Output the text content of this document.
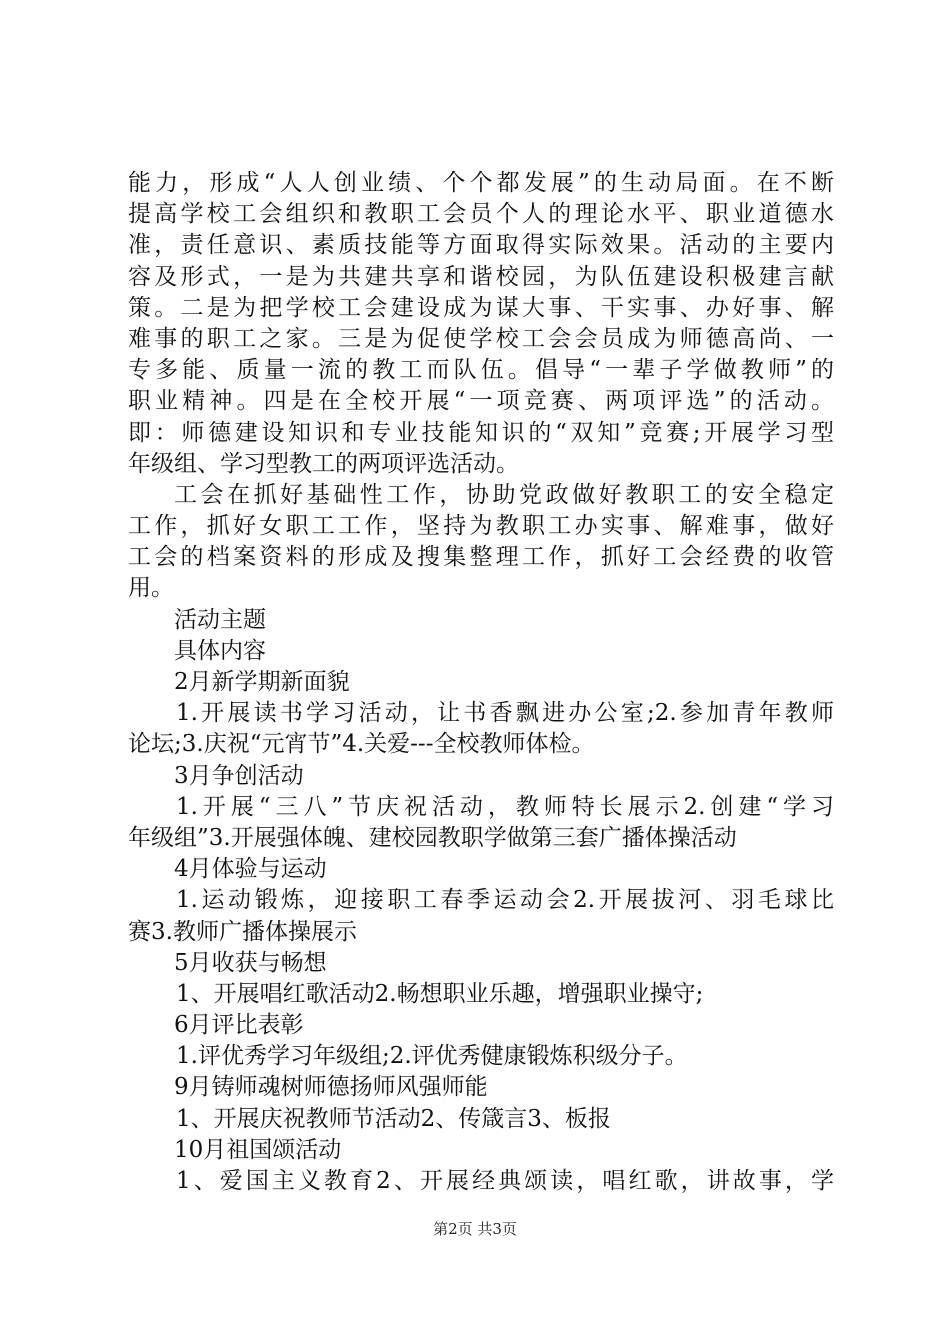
能力，形成“人人创业绩、个个都发展”的生动局面。在不断
提高学校工会组织和教职工会员个人的理论水平、职业道德水
准，责任意识、素质技能等方面取得实际效果。活动的主要内
容及形式，一是为共建共享和谐校园，为队伍建设积极建言献
策。二是为把学校工会建设成为谋大事、干实事、办好事、解
难事的职工之家。三是为促使学校工会会员成为师德高尚、一
专多能、质量一流的教工而队伍。倡导“一辈子学做教师”的
职业精神。四是在全校开展“一项竞赛、两项评选”的活动。
即：师德建设知识和专业技能知识的“双知”竞赛;开展学习型
年级组、学习型教工的两项评选活动。
工会在抓好基础性工作，协助党政做好教职工的安全稳定
工作，抓好女职工工作，坚持为教职工办实事、解难事，做好
工会的档案资料的形成及搜集整理工作，抓好工会经费的收管
用。
活动主题
具体内容
2月新学期新面貌
1.开展读书学习活动，让书香飘进办公室;2.参加青年教师
论坛;3.庆祝“元宵节”4.关爱---全校教师体检。
3月争创活动
1.开展“三八”节庆祝活动，教师特长展示2.创建“学习
年级组”3.开展强体魄、建校园教职学做第三套广播体操活动
4月体验与运动
1.运动锻炼，迎接职工春季运动会2.开展拔河、羽毛球比
赛3.教师广播体操展示
5月收获与畅想
1、开展唱红歌活动2.畅想职业乐趣，增强职业操守;
6月评比表彰
1.评优秀学习年级组;2.评优秀健康锻炼积级分子。
9月铸师魂树师德扬师风强师能
1、开展庆祝教师节活动2、传箴言3、板报
10月祖国颂活动
1、爱国主义教育2、开展经典颂读，唱红歌，讲故事，学
第2页 共3页
